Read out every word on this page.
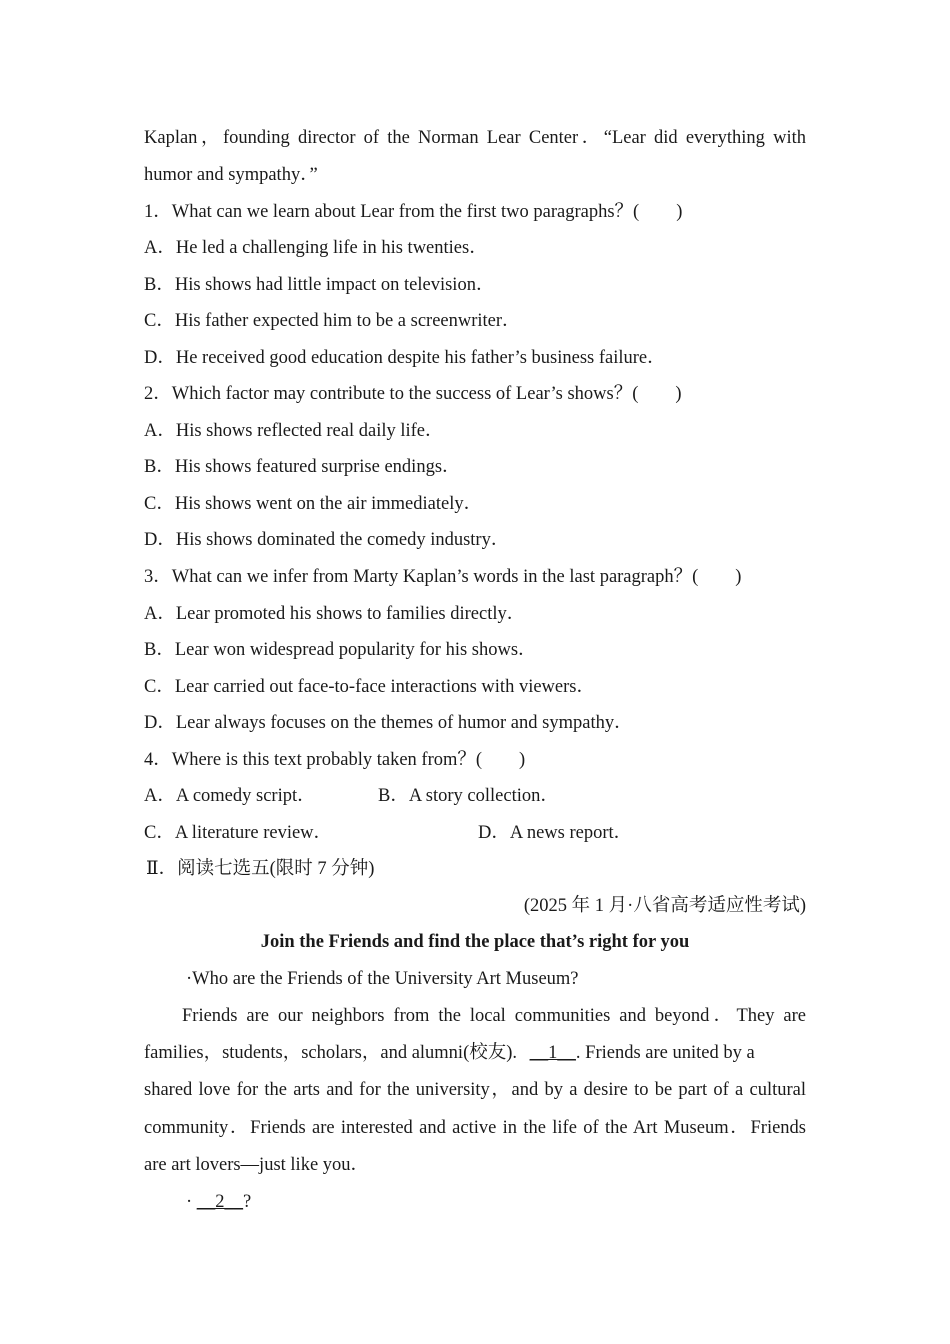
Kaplan，founding director of the Norman Lear Center．“Lear did everything with
humor and sympathy．”
1．What can we learn about Lear from the first two paragraphs？(　　)
A．He led a challenging life in his twenties．
B．His shows had little impact on television．
C．His father expected him to be a screenwriter．
D．He received good education despite his father’s business failure．
2．Which factor may contribute to the success of Lear’s shows？(　　)
A．His shows reflected real daily life．
B．His shows featured surprise endings．
C．His shows went on the air immediately．
D．His shows dominated the comedy industry．
3．What can we infer from Marty Kaplan’s words in the last paragraph？(　　)
A．Lear promoted his shows to families directly．
B．Lear won widespread popularity for his shows．
C．Lear carried out face-to-face interactions with viewers．
D．Lear always focuses on the themes of humor and sympathy．
4．Where is this text probably taken from？(　　)
A．A comedy script．	B．A story collection．
C．A literature review．	D．A news report．
Ⅱ．阅读七选五(限时 7 分钟)
(2025 年 1 月·八省高考适应性考试)
Join the Friends and find the place that’s right for you
·Who are the Friends of the University Art Museum?
Friends are our neighbors from the local communities and beyond．They are
families，students，scholars，and alumni(校友). __1__. Friends are united by a
shared love for the arts and for the university，and by a desire to be part of a cultural
community．Friends are interested and active in the life of the Art Museum．Friends
are art lovers—just like you．
· __2__?
